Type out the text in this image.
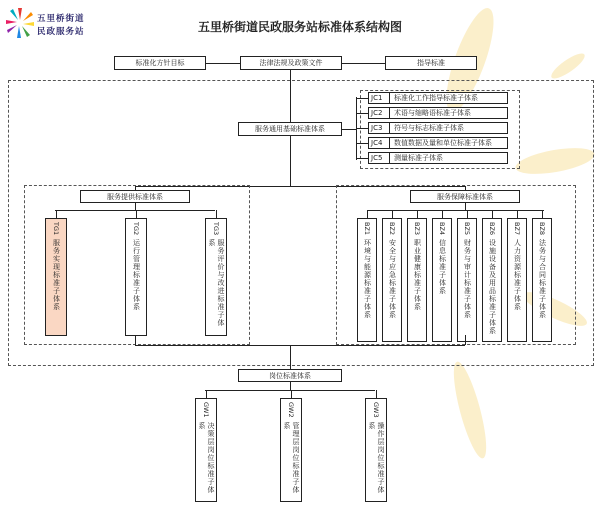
五里桥街道
民政服务站	五里桥街道民政服务站标准体系结构图
标准化方针目标	法律法规及政策文件	指导标准
服务通用基础标准体系
JC1	标准化工作指导标准子体系
JC2	术语与缩略语标准子体系
JC3	符号与标志标准子体系
JC4	数值数据及量和单位标准子体系
JC5	测量标准子体系
服务提供标准体系
TG1
服务实现标准子体系
TG2
运行管理标准子体系
TG3
服务评价与改进标准子体系
服务保障标准体系
BZ1
环境与能源标准子体系
BZ2
安全与应急标准子体系
BZ3
职业健康标准子体系
BZ4
信息标准子体系
BZ5
财务与审计标准子体系
BZ6
设施设备及用品标准子体系
BZ7
人力资源标准子体系
BZ8
法务与合同标准子体系
岗位标准体系
GW1
决策层岗位标准子体系
GW2
管理层岗位标准子体系
GW3
操作层岗位标准子体系
